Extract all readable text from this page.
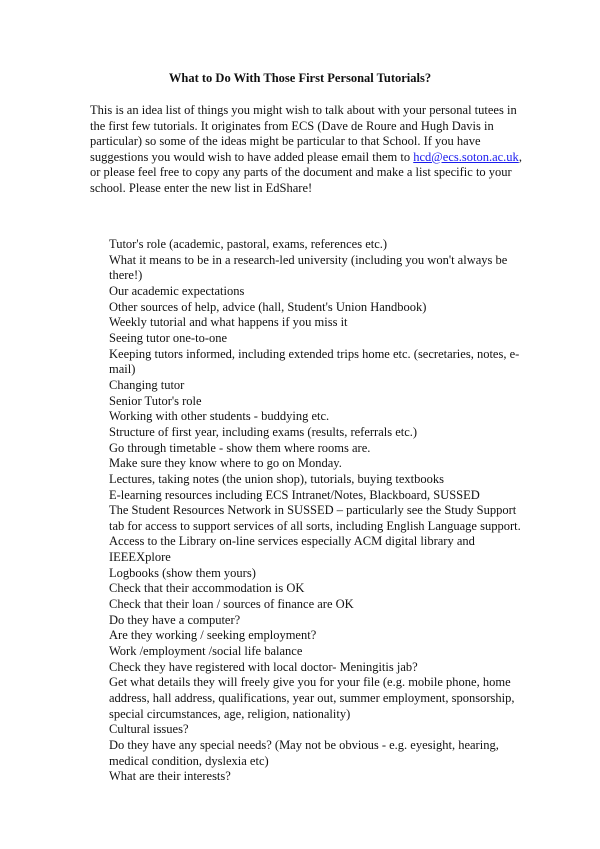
What to Do With Those First Personal Tutorials?
This is an idea list of things you might wish to talk about with your personal tutees in the first few tutorials. It originates from ECS (Dave de Roure and Hugh Davis in particular) so some of the ideas might be particular to that School. If you have suggestions you would wish to have added please email them to hcd@ecs.soton.ac.uk, or please feel free to copy any parts of the document and make a list specific to your school. Please enter the new list in EdShare!
Tutor's role (academic, pastoral, exams, references etc.)
What it means to be in a research-led university (including you won't always be there!)
Our academic expectations
Other sources of help, advice (hall, Student's Union Handbook)
Weekly tutorial and what happens if you miss it
Seeing tutor one-to-one
Keeping tutors informed, including extended trips home etc. (secretaries, notes, e-mail)
Changing tutor
Senior Tutor's role
Working with other students - buddying etc.
Structure of first year, including exams (results, referrals etc.)
Go through timetable - show them where rooms are.
Make sure they know where to go on Monday.
Lectures, taking notes (the union shop), tutorials, buying textbooks
E-learning resources including ECS Intranet/Notes, Blackboard, SUSSED
The Student Resources Network in SUSSED – particularly see the Study Support tab for access to support services of all sorts, including English Language support.
Access to the Library on-line services especially ACM digital library and IEEEXplore
Logbooks (show them yours)
Check that their accommodation is OK
Check that their loan / sources of finance are OK
Do they have a computer?
Are they working / seeking employment?
Work /employment /social life balance
Check they have registered with local doctor- Meningitis jab?
Get what details they will freely give you for your file (e.g. mobile phone, home address, hall address, qualifications, year out, summer employment, sponsorship, special circumstances, age, religion, nationality)
Cultural issues?
Do they have any special needs? (May not be obvious - e.g. eyesight, hearing, medical condition, dyslexia etc)
What are their interests?
